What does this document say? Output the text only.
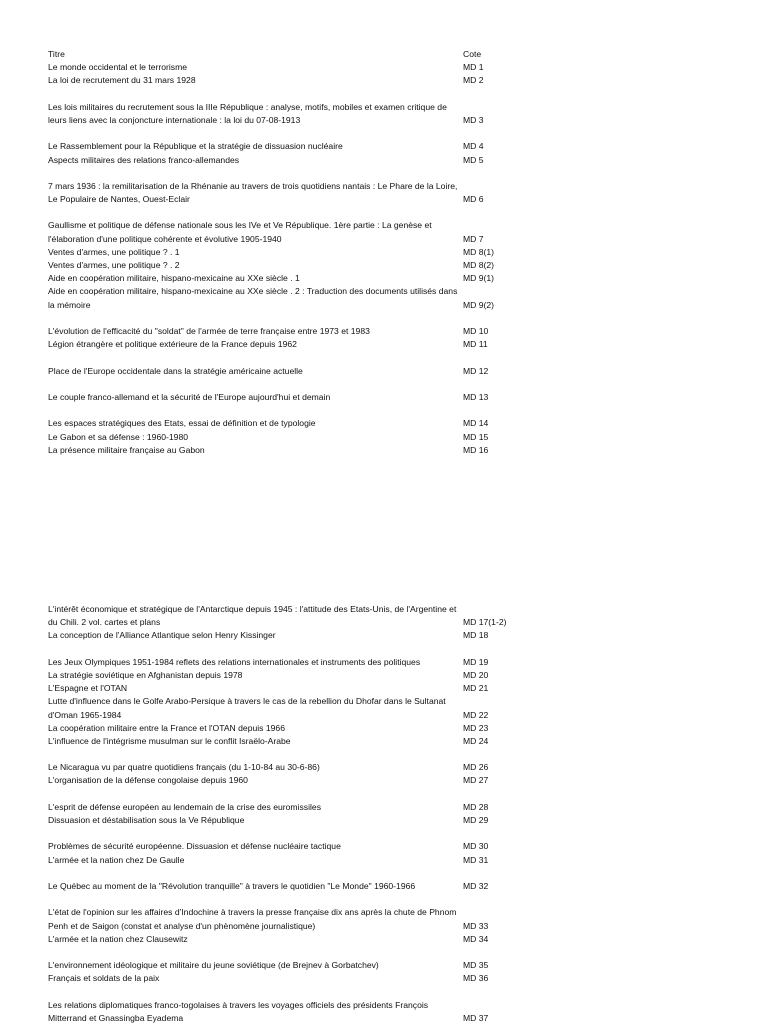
Titre	Cote
Le monde occidental et le terrorisme	MD 1
La loi de recrutement du 31 mars 1928	MD 2
Les lois militaires du recrutement sous la IIIe République : analyse, motifs, mobiles et examen critique de leurs liens avec la conjoncture internationale : la loi du 07-08-1913	MD 3
Le Rassemblement pour la République et la stratégie de dissuasion nucléaire	MD 4
Aspects militaires des relations franco-allemandes	MD 5
7 mars 1936 : la remilitarisation de la Rhénanie au travers de trois quotidiens nantais : Le Phare de la Loire, Le Populaire de Nantes, Ouest-Eclair	MD 6
Gaullisme et politique de défense nationale sous les IVe et Ve République. 1ère partie : La genèse et l'élaboration d'une politique cohérente et évolutive 1905-1940	MD 7
Ventes d'armes, une politique ? . 1	MD 8(1)
Ventes d'armes, une politique ? . 2	MD 8(2)
Aide en coopération militaire, hispano-mexicaine au XXe siècle . 1	MD 9(1)
Aide en coopération militaire, hispano-mexicaine au XXe siècle . 2 : Traduction des documents utilisés dans la mémoire	MD 9(2)
L'évolution de l'efficacité du "soldat" de l'armée de terre française entre 1973 et 1983	MD 10
Légion étrangère et politique extérieure de la France depuis 1962	MD 11
Place de l'Europe occidentale dans la stratégie américaine actuelle	MD 12
Le couple franco-allemand et la sécurité de l'Europe aujourd'hui et demain	MD 13
Les espaces stratégiques des Etats, essai de définition et de typologie	MD 14
Le Gabon et sa défense : 1960-1980	MD 15
La présence militaire française au Gabon	MD 16
L'intérêt économique et stratégique de l'Antarctique depuis 1945 : l'attitude des Etats-Unis, de l'Argentine et du Chili. 2 vol. cartes et plans	MD 17(1-2)
La conception de l'Alliance Atlantique selon Henry Kissinger	MD 18
Les Jeux Olympiques 1951-1984 reflets des relations internationales et instruments des politiques	MD 19
La stratégie soviétique en Afghanistan depuis 1978	MD 20
L'Espagne et l'OTAN	MD 21
Lutte d'influence dans le Golfe Arabo-Persique à travers le cas de la rebellion du Dhofar dans le Sultanat d'Oman 1965-1984	MD 22
La coopération militaire entre la France et l'OTAN depuis 1966	MD 23
L'influence de l'intégrisme musulman sur le conflit Israëlo-Arabe	MD 24
Le Nicaragua vu par quatre quotidiens français (du 1-10-84 au 30-6-86)	MD 26
L'organisation de la défense congolaise depuis 1960	MD 27
L'esprit de défense européen au lendemain de la crise des euromissiles	MD 28
Dissuasion et déstabilisation sous la Ve République	MD 29
Problèmes de sécurité européenne. Dissuasion et défense nucléaire tactique	MD 30
L'armée et la nation chez De Gaulle	MD 31
Le Québec au moment de la "Révolution tranquille" à travers le quotidien "Le Monde" 1960-1966	MD 32
L'état de l'opinion sur les affaires d'Indochine à travers la presse française dix ans après la chute de Phnom Penh et de Saigon (constat et analyse d'un phènomène journalistique)	MD 33
L'armée et la nation chez Clausewitz	MD 34
L'environnement idéologique et militaire du jeune soviétique (de Brejnev à Gorbatchev)	MD 35
Français et soldats de la paix	MD 36
Les relations diplomatiques franco-togolaises à travers les voyages officiels des présidents François Mitterrand et Gnassingba Eyadema	MD 37
